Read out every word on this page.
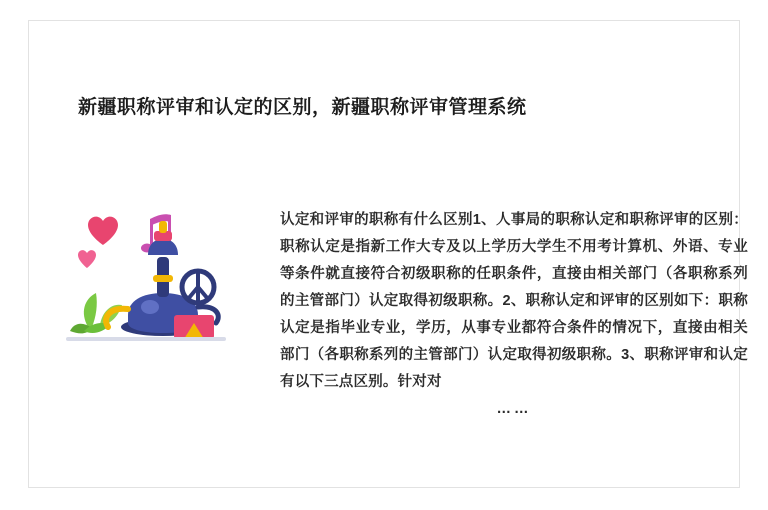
新疆职称评审和认定的区别，新疆职称评审管理系统
认定和评审的职称有什么区别1、人事局的职称认定和职称评审的区别：职称认定是指新工作大专及以上学历大学生不用考计算机、外语、专业等条件就直接符合初级职称的任职条件，直接由相关部门（各职称系列的主管部门）认定取得初级职称。2、职称认定和评审的区别如下：职称认定是指毕业专业，学历，从事专业都符合条件的情况下，直接由相关部门（各职称系列的主管部门）认定取得初级职称。3、职称评审和认定有以下三点区别。针对对
……
